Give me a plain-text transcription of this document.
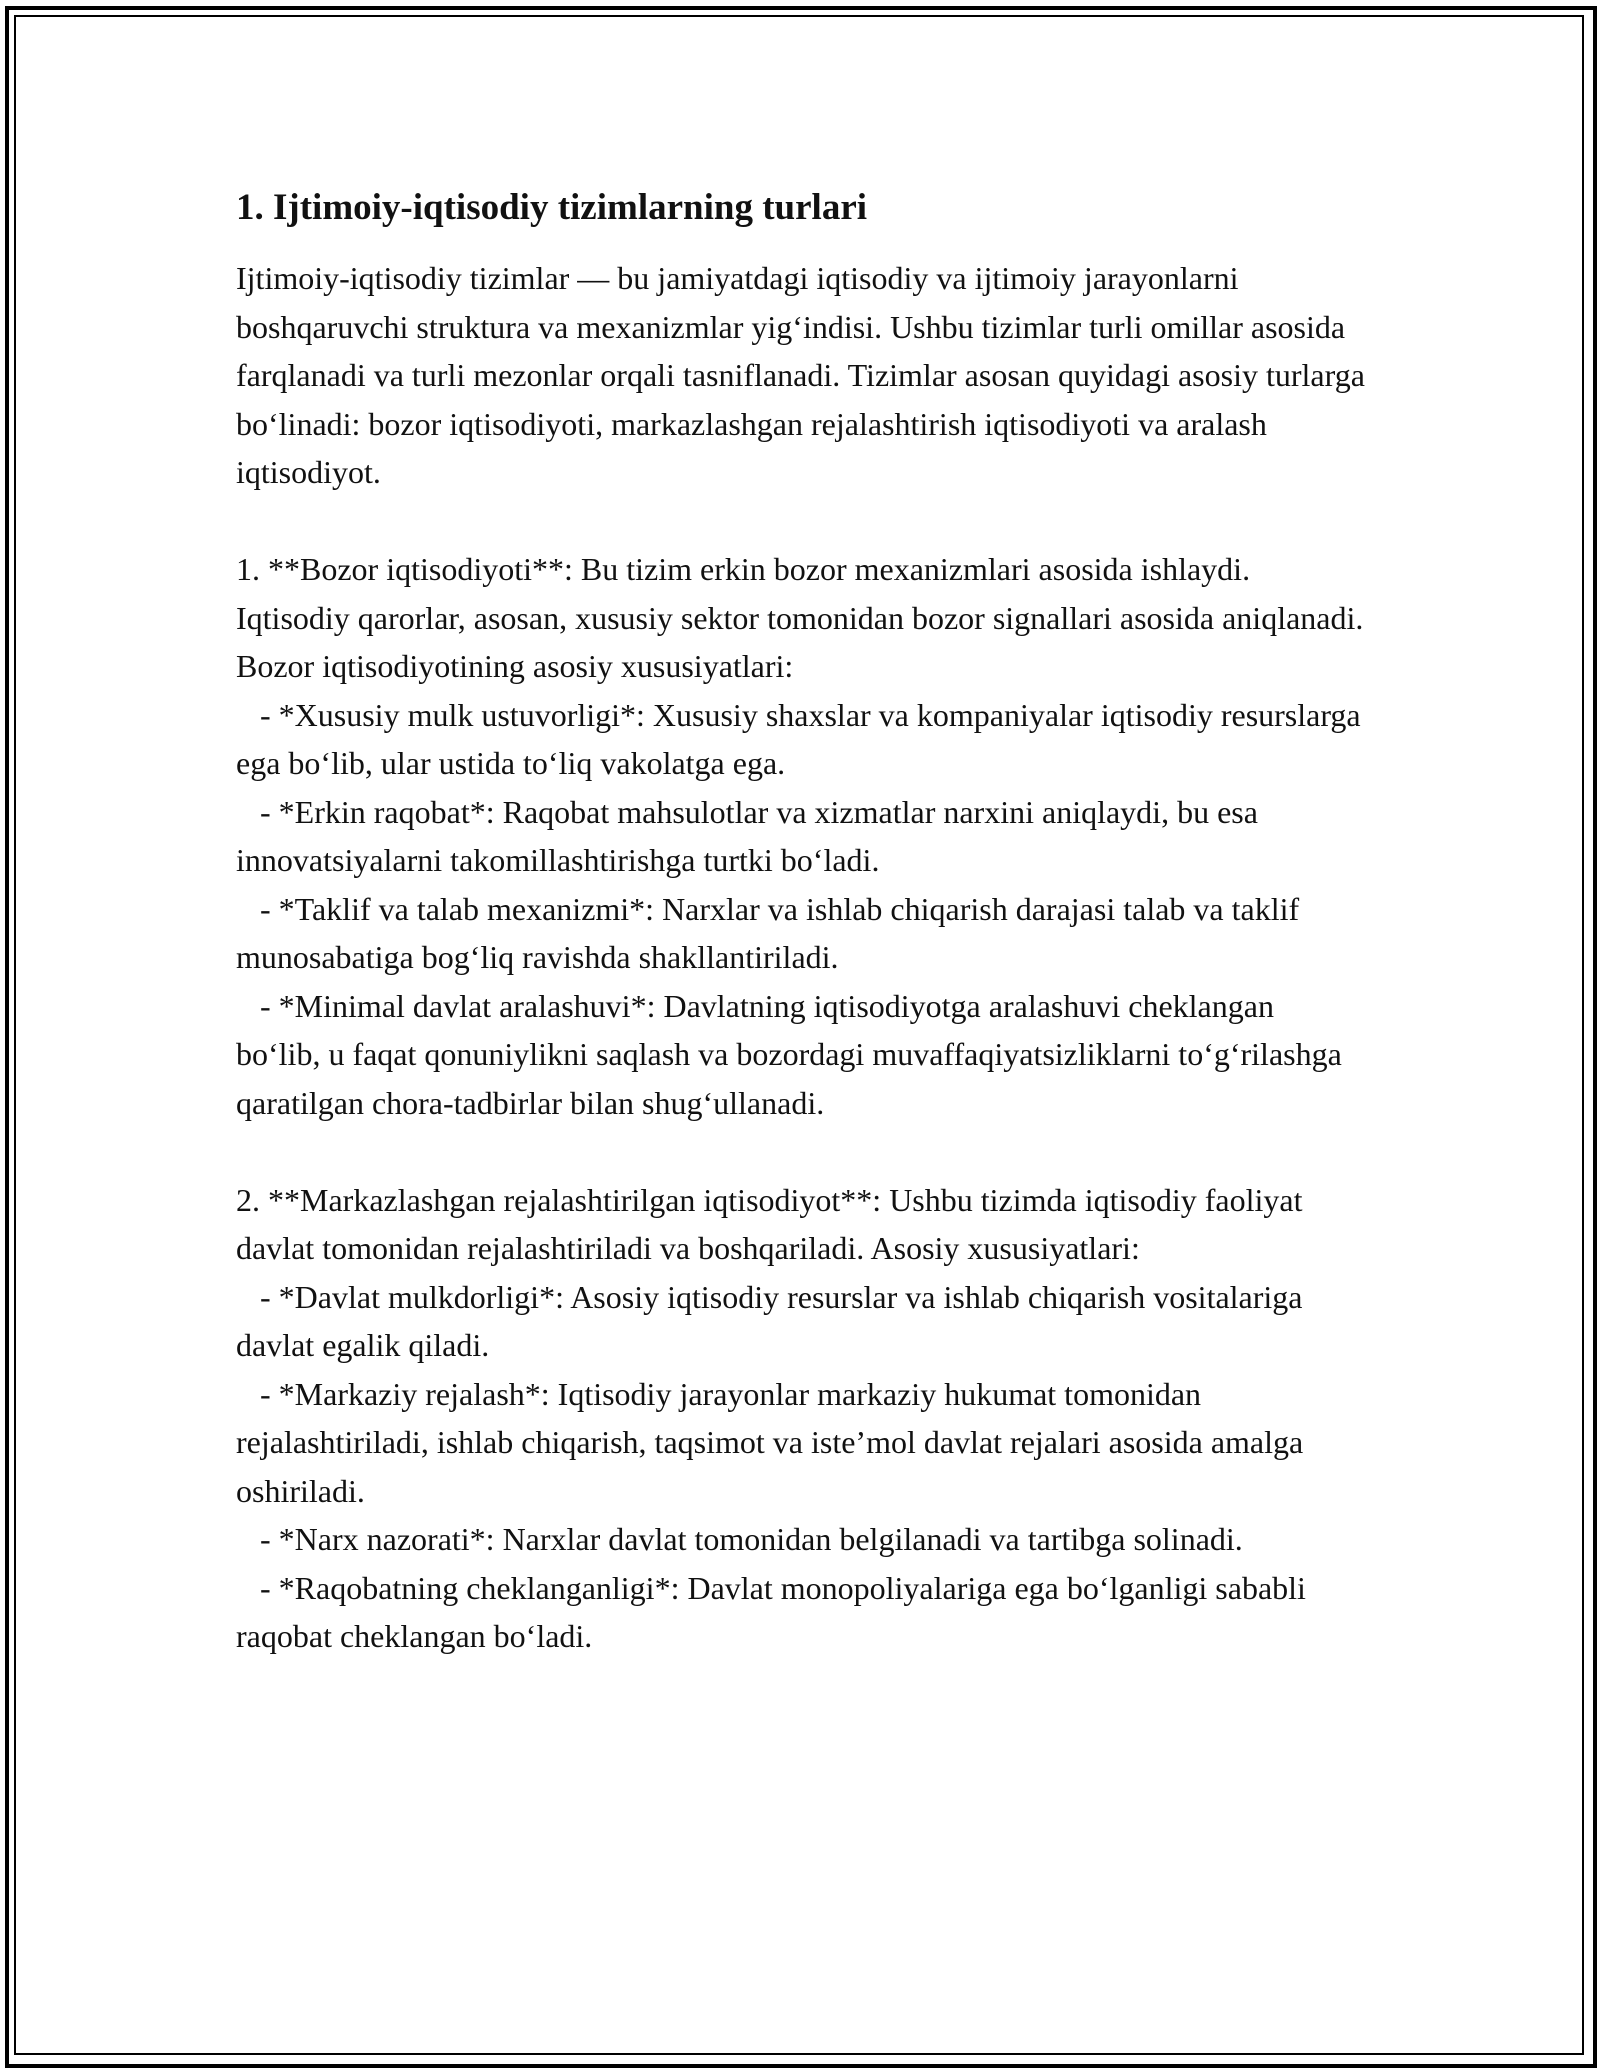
1. Ijtimoiy-iqtisodiy tizimlarning turlari

Ijtimoiy-iqtisodiy tizimlar — bu jamiyatdagi iqtisodiy va ijtimoiy jarayonlarni boshqaruvchi struktura va mexanizmlar yig‘indisi. Ushbu tizimlar turli omillar asosida farqlanadi va turli mezonlar orqali tasniflanadi. Tizimlar asosan quyidagi asosiy turlarga bo‘linadi: bozor iqtisodiyoti, markazlashgan rejalashtirish iqtisodiyoti va aralash iqtisodiyot.

1. **Bozor iqtisodiyoti**: Bu tizim erkin bozor mexanizmlari asosida ishlaydi. Iqtisodiy qarorlar, asosan, xususiy sektor tomonidan bozor signallari asosida aniqlanadi. Bozor iqtisodiyotining asosiy xususiyatlari:

- *Xususiy mulk ustuvorligi*: Xususiy shaxslar va kompaniyalar iqtisodiy resurslarga ega bo‘lib, ular ustida to‘liq vakolatga ega.

- *Erkin raqobat*: Raqobat mahsulotlar va xizmatlar narxini aniqlaydi, bu esa innovatsiyalarni takomillashtirishga turtki bo‘ladi.

- *Taklif va talab mexanizmi*: Narxlar va ishlab chiqarish darajasi talab va taklif munosabatiga bog‘liq ravishda shakllantiriladi.

- *Minimal davlat aralashuvi*: Davlatning iqtisodiyotga aralashuvi cheklangan bo‘lib, u faqat qonuniylikni saqlash va bozordagi muvaffaqiyatsizliklarni to‘g‘rilashga qaratilgan chora-tadbirlar bilan shug‘ullanadi.

2. **Markazlashgan rejalashtirilgan iqtisodiyot**: Ushbu tizimda iqtisodiy faoliyat davlat tomonidan rejalashtiriladi va boshqariladi. Asosiy xususiyatlari:

- *Davlat mulkdorligi*: Asosiy iqtisodiy resurslar va ishlab chiqarish vositalariga davlat egalik qiladi.

- *Markaziy rejalash*: Iqtisodiy jarayonlar markaziy hukumat tomonidan rejalashtiriladi, ishlab chiqarish, taqsimot va iste’mol davlat rejalari asosida amalga oshiriladi.

- *Narx nazorati*: Narxlar davlat tomonidan belgilanadi va tartibga solinadi.

- *Raqobatning cheklanganligi*: Davlat monopoliyalariga ega bo‘lganligi sababli raqobat cheklangan bo‘ladi.
